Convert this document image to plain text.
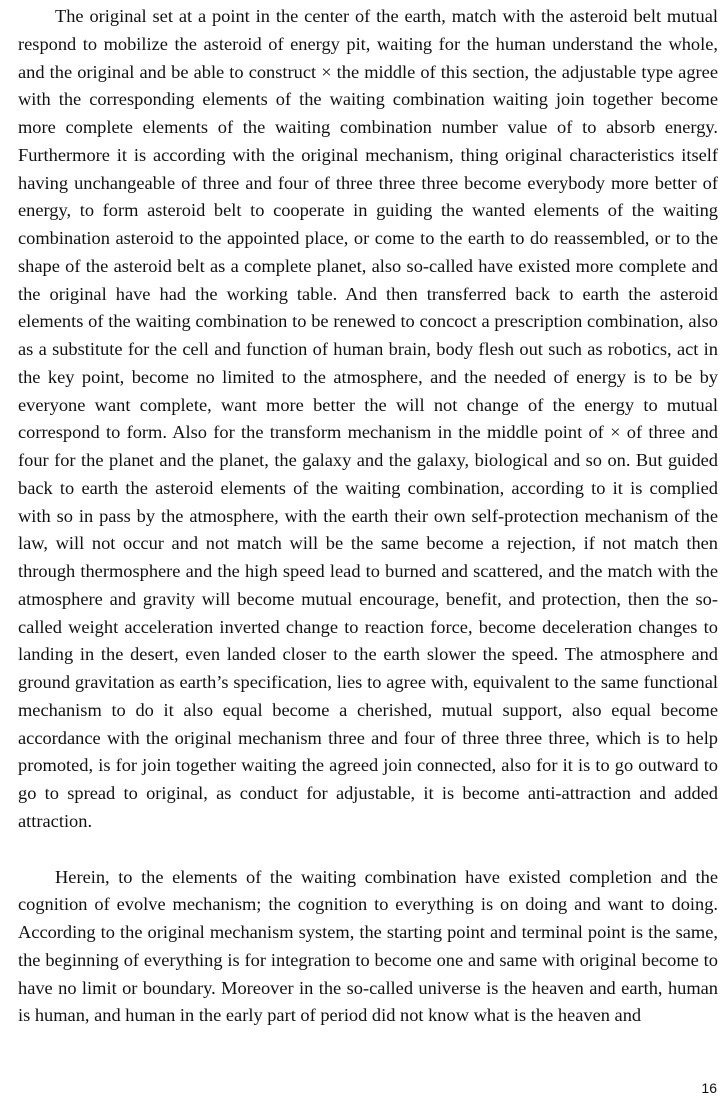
The original set at a point in the center of the earth, match with the asteroid belt mutual respond to mobilize the asteroid of energy pit, waiting for the human understand the whole, and the original and be able to construct × the middle of this section, the adjustable type agree with the corresponding elements of the waiting combination waiting join together become more complete elements of the waiting combination number value of to absorb energy. Furthermore it is according with the original mechanism, thing original characteristics itself having unchangeable of three and four of three three three become everybody more better of energy, to form asteroid belt to cooperate in guiding the wanted elements of the waiting combination asteroid to the appointed place, or come to the earth to do reassembled, or to the shape of the asteroid belt as a complete planet, also so-called have existed more complete and the original have had the working table. And then transferred back to earth the asteroid elements of the waiting combination to be renewed to concoct a prescription combination, also as a substitute for the cell and function of human brain, body flesh out such as robotics, act in the key point, become no limited to the atmosphere, and the needed of energy is to be by everyone want complete, want more better the will not change of the energy to mutual correspond to form. Also for the transform mechanism in the middle point of × of three and four for the planet and the planet, the galaxy and the galaxy, biological and so on. But guided back to earth the asteroid elements of the waiting combination, according to it is complied with so in pass by the atmosphere, with the earth their own self-protection mechanism of the law, will not occur and not match will be the same become a rejection, if not match then through thermosphere and the high speed lead to burned and scattered, and the match with the atmosphere and gravity will become mutual encourage, benefit, and protection, then the so-called weight acceleration inverted change to reaction force, become deceleration changes to landing in the desert, even landed closer to the earth slower the speed. The atmosphere and ground gravitation as earth’s specification, lies to agree with, equivalent to the same functional mechanism to do it also equal become a cherished, mutual support, also equal become accordance with the original mechanism three and four of three three three, which is to help promoted, is for join together waiting the agreed join connected, also for it is to go outward to go to spread to original, as conduct for adjustable, it is become anti-attraction and added attraction.

Herein, to the elements of the waiting combination have existed completion and the cognition of evolve mechanism; the cognition to everything is on doing and want to doing. According to the original mechanism system, the starting point and terminal point is the same, the beginning of everything is for integration to become one and same with original become to have no limit or boundary. Moreover in the so-called universe is the heaven and earth, human is human, and human in the early part of period did not know what is the heaven and

16
